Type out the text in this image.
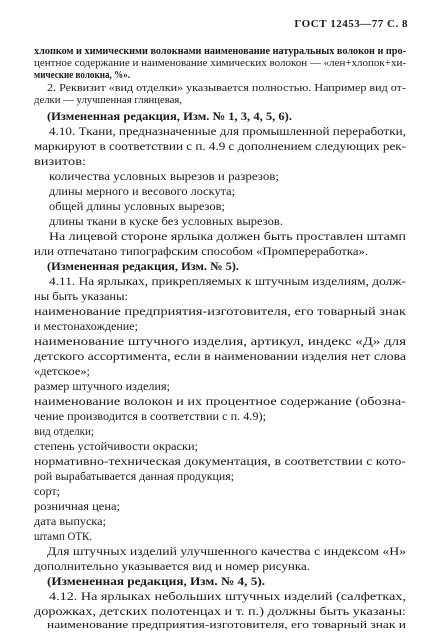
ГОСТ 12453—77 С. 8
хлопком и химическими волокнами наименование натуральных волокон и про-
центное содержание и наименование химических волокон — «лен+хлопок+хи-
мические волокна, %».
2. Реквизит «вид отделки» указывается полностью. Например вид от-
делки — улучшенная глянцевая,
(Измененная редакция, Изм. № 1, 3, 4, 5, 6).
4.10. Ткани, предназначенные для промышленной переработки,
маркируют в соответствии с п. 4.9 с дополнением следующих рек-
визитов:
количества условных вырезов и разрезов;
длины мерного и весового лоскута;
общей длины условных вырезов;
длины ткани в куске без условных вырезов.
На лицевой стороне ярлыка должен быть проставлен штамп
или отпечатано типографским способом «Промпереработка».
(Измененная редакция, Изм. № 5).
4.11. На ярлыках, прикрепляемых к штучным изделиям, долж-
ны быть указаны:
наименование предприятия-изготовителя, его товарный знак
и местонахождение;
наименование штучного изделия, артикул, индекс «Д» для
детского ассортимента, если в наименовании изделия нет слова
«детское»;
размер штучного изделия;
наименование волокон и их процентное содержание (обозна-
чение производится в соответствии с п. 4.9);
вид отделки;
степень устойчивости окраски;
нормативно-техническая документация, в соответствии с кото-
рой вырабатывается данная продукция;
сорт;
розничная цена;
дата выпуска;
штамп ОТК.
Для штучных изделий улучшенного качества с индексом «Н»
дополнительно указывается вид и номер рисунка.
(Измененная редакция, Изм. № 4, 5).
4.12. На ярлыках небольших штучных изделий (салфетках,
дорожках, детских полотенцах и т. п.) должны быть указаны:
наименование предприятия-изготовителя, его товарный знак и
